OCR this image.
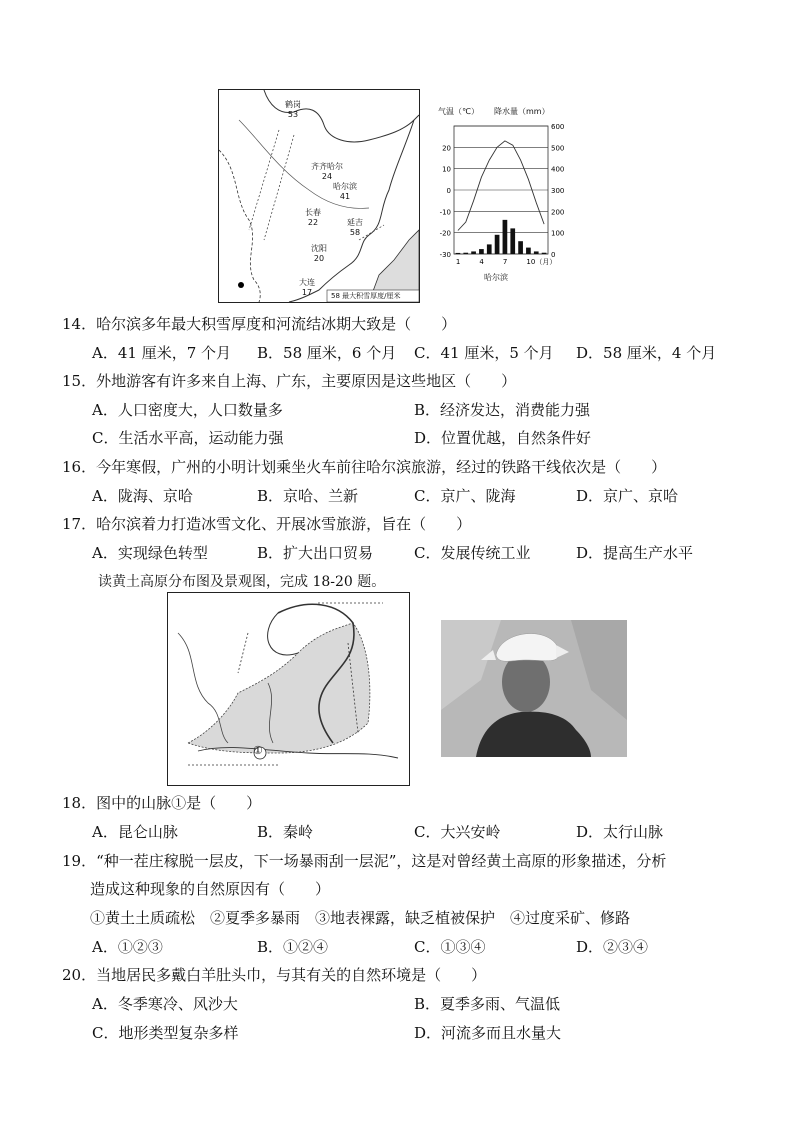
鹤岗
53
齐齐哈尔
24
哈尔滨
41
长春
22	延吉
58
沈阳
20
大连
17	58 最大积雪厚度/厘米
气温（℃） 降水量（mm）
20
10
0
-10
-20
-30
600
500
400
300
200
100
0
1	4	7	10（月）
哈尔滨
14．哈尔滨多年最大积雪厚度和河流结冰期大致是（　　）
A．41 厘米，7 个月 B．58 厘米，6 个月 C．41 厘米，5 个月 D．58 厘米，4 个月
15．外地游客有许多来自上海、广东，主要原因是这些地区（　　）
A．人口密度大，人口数量多	B．经济发达，消费能力强
C．生活水平高，运动能力强	D．位置优越，自然条件好
16．今年寒假，广州的小明计划乘坐火车前往哈尔滨旅游，经过的铁路干线依次是（　　）
A．陇海、京哈	B．京哈、兰新	C．京广、陇海	D．京广、京哈
17．哈尔滨着力打造冰雪文化、开展冰雪旅游，旨在（　　）
A．实现绿色转型	B．扩大出口贸易	C．发展传统工业	D．提高生产水平
读黄土高原分布图及景观图，完成 18-20 题。
①
18．图中的山脉①是（　　）
A．昆仑山脉	B．秦岭	C．大兴安岭	D．太行山脉
19．“种一茬庄稼脱一层皮，下一场暴雨刮一层泥”，这是对曾经黄土高原的形象描述，分析
造成这种现象的自然原因有（　　）
①黄土土质疏松　②夏季多暴雨　③地表裸露，缺乏植被保护　④过度采矿、修路
A．①②③	B．①②④	C．①③④	D．②③④
20．当地居民多戴白羊肚头巾，与其有关的自然环境是（　　）
A．冬季寒冷、风沙大	B．夏季多雨、气温低
C．地形类型复杂多样	D．河流多而且水量大
